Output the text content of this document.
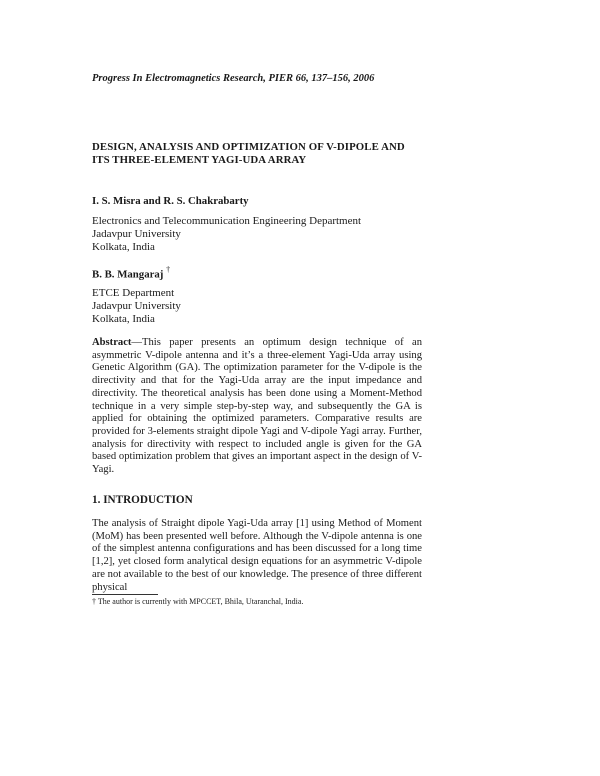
Progress In Electromagnetics Research, PIER 66, 137–156, 2006
DESIGN, ANALYSIS AND OPTIMIZATION OF V-DIPOLE AND ITS THREE-ELEMENT YAGI-UDA ARRAY
I. S. Misra and R. S. Chakrabarty
Electronics and Telecommunication Engineering Department
Jadavpur University
Kolkata, India
B. B. Mangaraj †
ETCE Department
Jadavpur University
Kolkata, India
Abstract—This paper presents an optimum design technique of an asymmetric V-dipole antenna and it’s a three-element Yagi-Uda array using Genetic Algorithm (GA). The optimization parameter for the V-dipole is the directivity and that for the Yagi-Uda array are the input impedance and directivity. The theoretical analysis has been done using a Moment-Method technique in a very simple step-by-step way, and subsequently the GA is applied for obtaining the optimized parameters. Comparative results are provided for 3-elements straight dipole Yagi and V-dipole Yagi array. Further, analysis for directivity with respect to included angle is given for the GA based optimization problem that gives an important aspect in the design of V-Yagi.
1. INTRODUCTION
The analysis of Straight dipole Yagi-Uda array [1] using Method of Moment (MoM) has been presented well before. Although the V-dipole antenna is one of the simplest antenna configurations and has been discussed for a long time [1,2], yet closed form analytical design equations for an asymmetric V-dipole are not available to the best of our knowledge. The presence of three different physical
† The author is currently with MPCCET, Bhila, Utaranchal, India.
